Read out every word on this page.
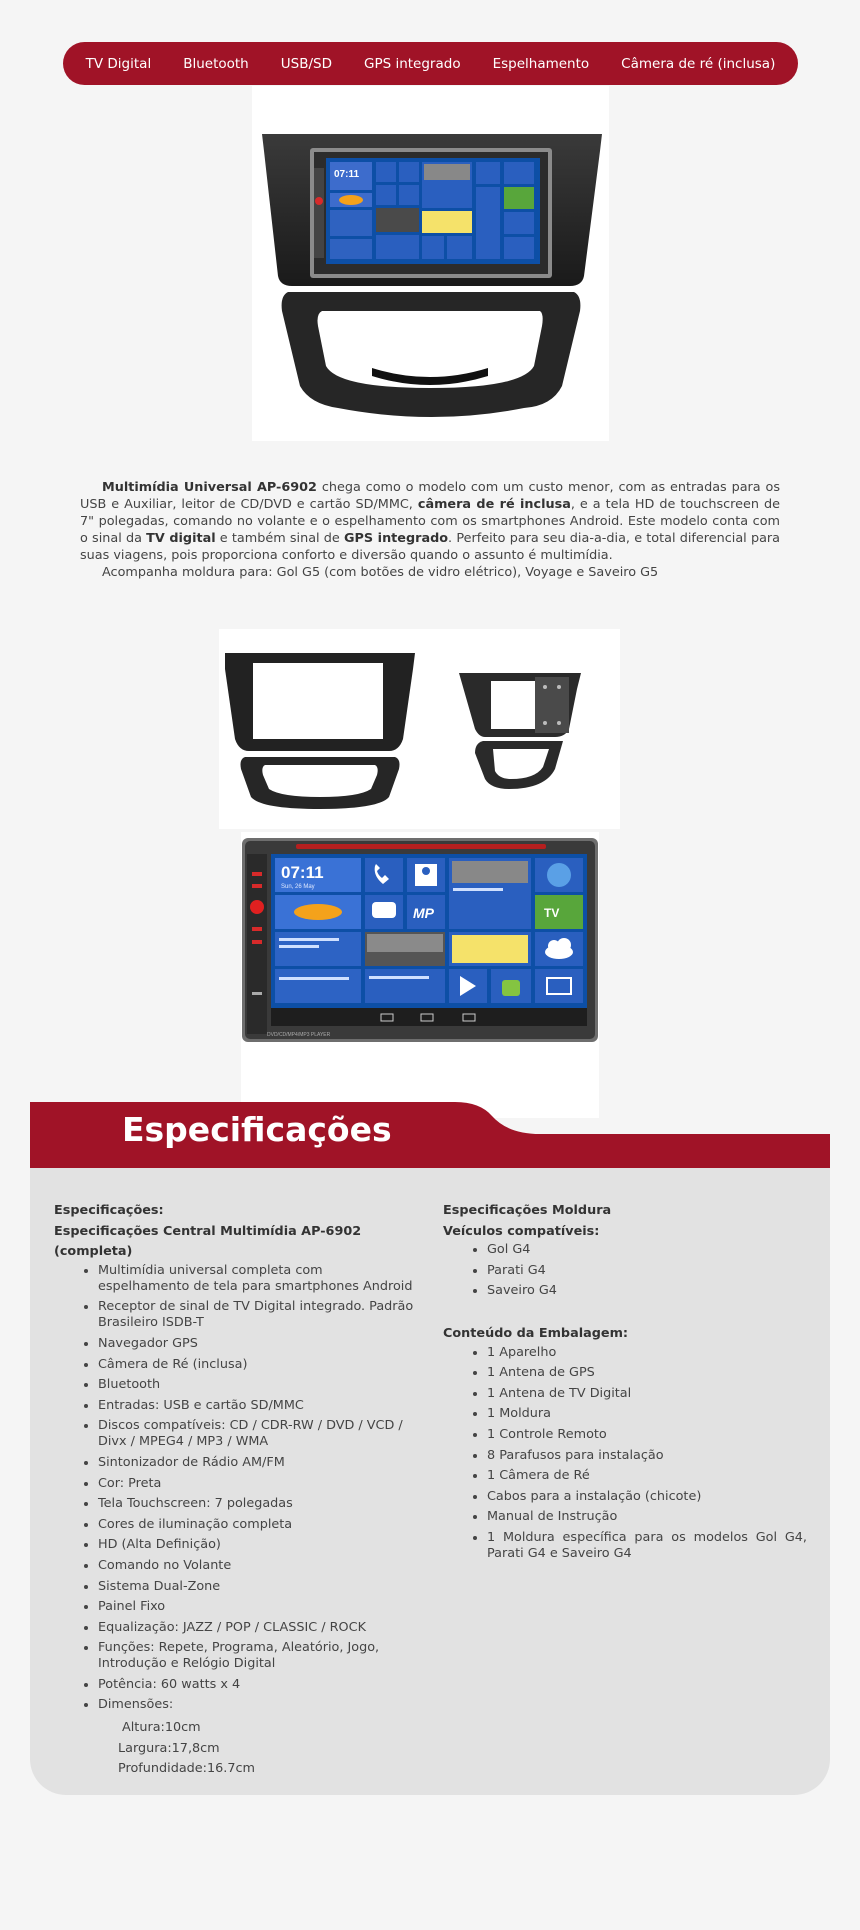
TV Digital Bluetooth USB/SD GPS integrado Espelhamento Câmera de ré (inclusa)
07:11

Multimídia Universal AP-6902 chega como o modelo com um custo menor, com as entradas para os USB e Auxiliar, leitor de CD/DVD e cartão SD/MMC, câmera de ré inclusa, e a tela HD de touchscreen de 7" polegadas, comando no volante e o espelhamento com os smartphones Android. Este modelo conta com o sinal da TV digital e também sinal de GPS integrado. Perfeito para seu dia-a-dia, e total diferencial para suas viagens, pois proporciona conforto e diversão quando o assunto é multimídia.

Acompanha moldura para: Gol G5 (com botões de vidro elétrico), Voyage e Saveiro G5

07:11
Sun, 26 May
MP	TV
DVD/CD/MP4/MP3 PLAYER
Especificações
Especificações:
Especificações Central Multimídia AP-6902 (completa)
• Multimídia universal completa com espelhamento de tela para smartphones Android
• Receptor de sinal de TV Digital integrado. Padrão Brasileiro ISDB-T
• Navegador GPS
• Câmera de Ré (inclusa)
• Bluetooth
• Entradas: USB e cartão SD/MMC
• Discos compatíveis: CD / CDR-RW / DVD / VCD / Divx / MPEG4 / MP3 / WMA
• Sintonizador de Rádio AM/FM
• Cor: Preta
• Tela Touchscreen: 7 polegadas
• Cores de iluminação completa
• HD (Alta Definição)
• Comando no Volante
• Sistema Dual-Zone
• Painel Fixo
• Equalização: JAZZ / POP / CLASSIC / ROCK
• Funções: Repete, Programa, Aleatório, Jogo, Introdução e Relógio Digital
• Potência: 60 watts x 4
• Dimensões:
Altura:10cm
Largura:17,8cm
Profundidade:16.7cm
Especificações Moldura
Veículos compatíveis:
• Gol G4
• Parati G4
• Saveiro G4
Conteúdo da Embalagem:
• 1 Aparelho
• 1 Antena de GPS
• 1 Antena de TV Digital
• 1 Moldura
• 1 Controle Remoto
• 8 Parafusos para instalação
• 1 Câmera de Ré
• Cabos para a instalação (chicote)
• Manual de Instrução
• 1 Moldura específica para os modelos Gol G4, Parati G4 e Saveiro G4
